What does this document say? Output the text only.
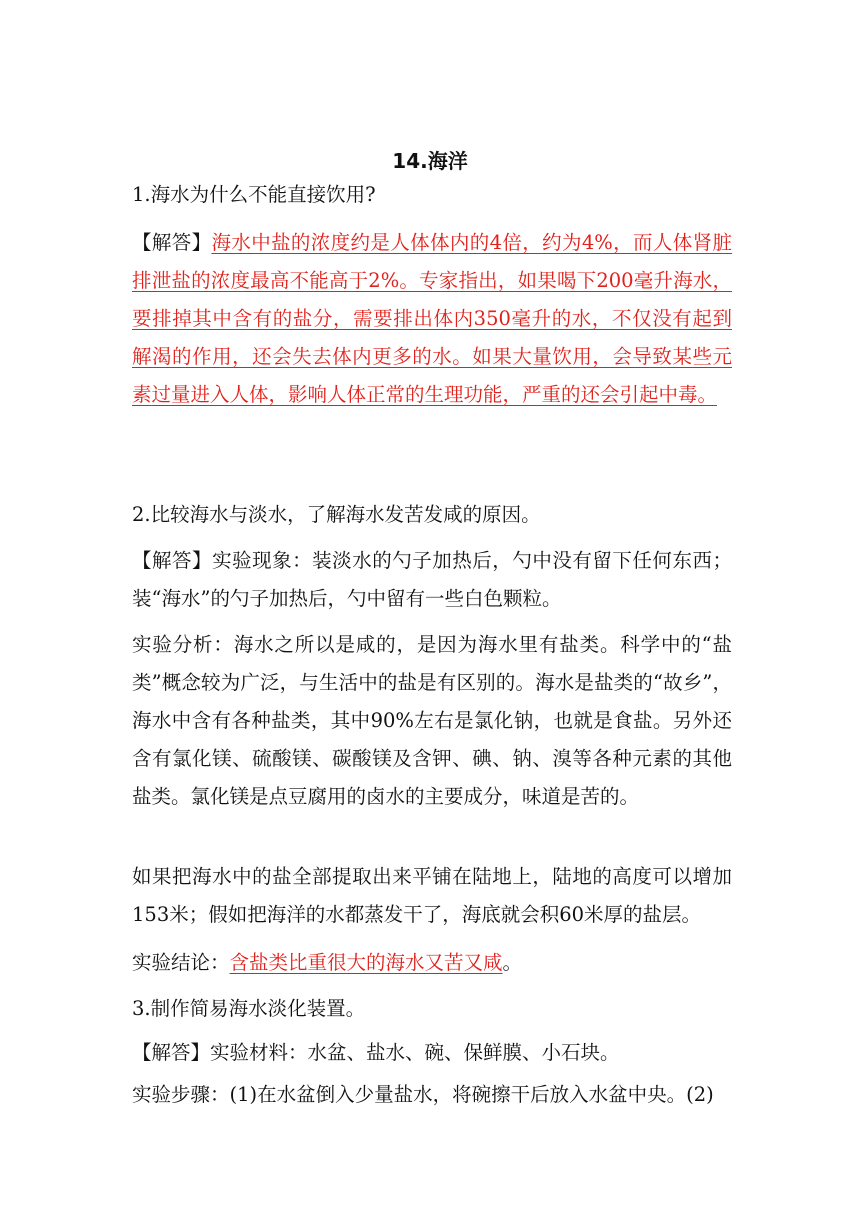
14.海洋
1.海水为什么不能直接饮用?
【解答】海水中盐的浓度约是人体体内的4倍，约为4%，而人体肾脏排泄盐的浓度最高不能高于2%。专家指出，如果喝下200毫升海水，要排掉其中含有的盐分，需要排出体内350毫升的水，不仅没有起到解渴的作用，还会失去体内更多的水。如果大量饮用，会导致某些元素过量进入人体，影响人体正常的生理功能，严重的还会引起中毒。
2.比较海水与淡水，了解海水发苦发咸的原因。
【解答】实验现象：装淡水的勺子加热后，勺中没有留下任何东西；装“海水”的勺子加热后，勺中留有一些白色颗粒。
实验分析：海水之所以是咸的，是因为海水里有盐类。科学中的“盐类”概念较为广泛，与生活中的盐是有区别的。海水是盐类的“故乡”，海水中含有各种盐类，其中90%左右是氯化钠，也就是食盐。另外还含有氯化镁、硫酸镁、碳酸镁及含钾、碘、钠、溴等各种元素的其他盐类。氯化镁是点豆腐用的卤水的主要成分，味道是苦的。
如果把海水中的盐全部提取出来平铺在陆地上，陆地的高度可以增加153米；假如把海洋的水都蒸发干了，海底就会积60米厚的盐层。
实验结论：含盐类比重很大的海水又苦又咸。
3.制作简易海水淡化装置。
【解答】实验材料：水盆、盐水、碗、保鲜膜、小石块。
实验步骤：(1)在水盆倒入少量盐水，将碗擦干后放入水盆中央。(2)
